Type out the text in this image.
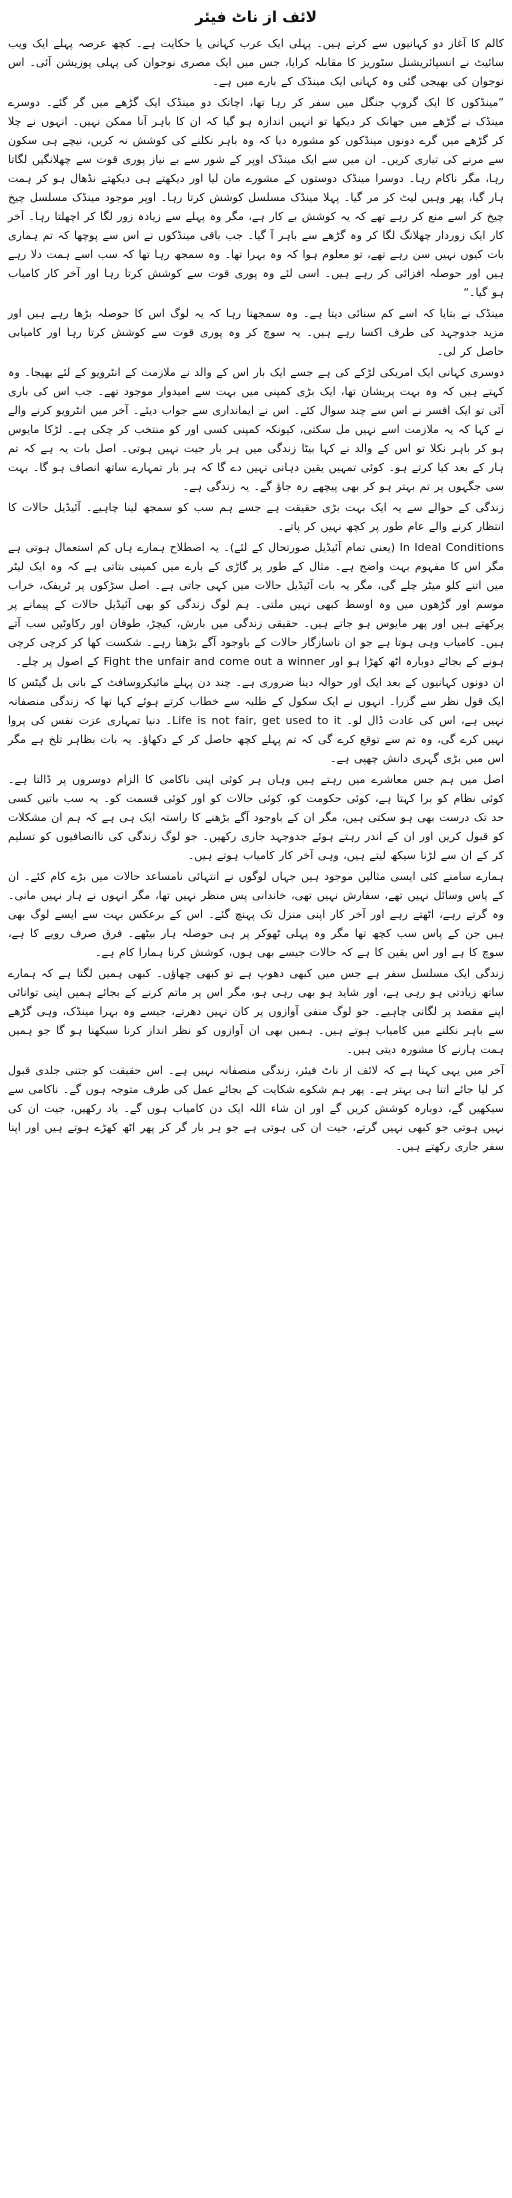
لائف از ناٹ فیئر

کالم کا آغاز دو کہانیوں سے کرتے ہیں۔ پہلی ایک عرب کہانی یا حکایت ہے۔ کچھ عرصہ پہلے ایک ویب سائیٹ نے انسپائریشنل سٹوریز کا مقابلہ کرایا، جس میں ایک مصری نوجوان کی پہلی پوزیشن آئی۔ اس نوجوان کی بھیجی گئی وہ کہانی ایک مینڈک کے بارے میں ہے۔

”مینڈکوں کا ایک گروپ جنگل میں سفر کر رہا تھا، اچانک دو مینڈک ایک گڑھے میں گر گئے۔ دوسرے مینڈک نے گڑھے میں جھانک کر دیکھا تو انہیں اندازہ ہو گیا کہ ان کا باہر آنا ممکن نہیں۔ انہوں نے چلا کر گڑھے میں گرے دونوں مینڈکوں کو مشورہ دیا کہ وہ باہر نکلنے کی کوشش نہ کریں، نیچے ہی سکون سے مرنے کی تیاری کریں۔ ان میں سے ایک مینڈک اوپر کے شور سے بے نیاز پوری قوت سے چھلانگیں لگاتا رہا، مگر ناکام رہا۔ دوسرا مینڈک دوستوں کے مشورے مان لیا اور دیکھتے ہی دیکھتے نڈھال ہو کر ہمت ہار گیا، پھر وہیں لیٹ کر مر گیا۔ پہلا مینڈک مسلسل کوشش کرتا رہا۔ اوپر موجود مینڈک مسلسل چیخ چیخ کر اسے منع کر رہے تھے کہ یہ کوشش بے کار ہے، مگر وہ پہلے سے زیادہ زور لگا کر اچھلتا رہا۔ آخر کار ایک زوردار چھلانگ لگا کر وہ گڑھے سے باہر آ گیا۔ جب باقی مینڈکوں نے اس سے پوچھا کہ تم ہماری بات کیوں نہیں سن رہے تھے، تو معلوم ہوا کہ وہ بہرا تھا۔ وہ سمجھ رہا تھا کہ سب اسے ہمت دلا رہے ہیں اور حوصلہ افزائی کر رہے ہیں۔ اسی لئے وہ پوری قوت سے کوشش کرتا رہا اور آخر کار کامیاب ہو گیا۔“

مینڈک نے بتایا کہ اسے کم سنائی دیتا ہے۔ وہ سمجھتا رہا کہ یہ لوگ اس کا حوصلہ بڑھا رہے ہیں اور مزید جدوجہد کی طرف اکسا رہے ہیں۔ یہ سوچ کر وہ پوری قوت سے کوشش کرتا رہا اور کامیابی حاصل کر لی۔

دوسری کہانی ایک امریکی لڑکے کی ہے جسے ایک بار اس کے والد نے ملازمت کے انٹرویو کے لئے بھیجا۔ وہ کہتے ہیں کہ وہ بہت پریشان تھا، ایک بڑی کمپنی میں بہت سے امیدوار موجود تھے۔ جب اس کی باری آئی تو ایک افسر نے اس سے چند سوال کئے۔ اس نے ایمانداری سے جواب دیئے۔ آخر میں انٹرویو کرنے والے نے کہا کہ یہ ملازمت اسے نہیں مل سکتی، کیونکہ کمپنی کسی اور کو منتخب کر چکی ہے۔ لڑکا مایوس ہو کر باہر نکلا تو اس کے والد نے کہا بیٹا زندگی میں ہر بار جیت نہیں ہوتی۔ اصل بات یہ ہے کہ تم ہار کے بعد کیا کرتے ہو۔ کوئی تمہیں یقین دہانی نہیں دے گا کہ ہر بار تمہارے ساتھ انصاف ہو گا۔ بہت سی جگہوں پر تم بہتر ہو کر بھی پیچھے رہ جاؤ گے۔ یہ زندگی ہے۔

زندگی کے حوالے سے یہ ایک بہت بڑی حقیقت ہے جسے ہم سب کو سمجھ لینا چاہیے۔ آئیڈیل حالات کا انتظار کرنے والے عام طور پر کچھ نہیں کر پاتے۔

In Ideal Conditions (یعنی تمام آئیڈیل صورتحال کے لئے)۔ یہ اصطلاح ہمارے ہاں کم استعمال ہوتی ہے مگر اس کا مفہوم بہت واضح ہے۔ مثال کے طور پر گاڑی کے بارے میں کمپنی بتاتی ہے کہ وہ ایک لیٹر میں اتنے کلو میٹر چلے گی، مگر یہ بات آئیڈیل حالات میں کہی جاتی ہے۔ اصل سڑکوں پر ٹریفک، خراب موسم اور گڑھوں میں وہ اوسط کبھی نہیں ملتی۔ ہم لوگ زندگی کو بھی آئیڈیل حالات کے پیمانے پر پرکھتے ہیں اور پھر مایوس ہو جاتے ہیں۔ حقیقی زندگی میں بارش، کیچڑ، طوفان اور رکاوٹیں سب آتے ہیں۔ کامیاب وہی ہوتا ہے جو ان ناسازگار حالات کے باوجود آگے بڑھتا رہے۔ شکست کھا کر کرچی کرچی ہونے کے بجائے دوبارہ اٹھ کھڑا ہو اور Fight the unfair and come out a winner کے اصول پر چلے۔

ان دونوں کہانیوں کے بعد ایک اور حوالہ دینا ضروری ہے۔ چند دن پہلے مائیکروسافٹ کے بانی بل گیٹس کا ایک قول نظر سے گزرا۔ انہوں نے ایک سکول کے طلبہ سے خطاب کرتے ہوئے کہا تھا کہ زندگی منصفانہ نہیں ہے، اس کی عادت ڈال لو۔ Life is not fair, get used to it۔ دنیا تمہاری عزت نفس کی پروا نہیں کرے گی، وہ تم سے توقع کرے گی کہ تم پہلے کچھ حاصل کر کے دکھاؤ۔ یہ بات بظاہر تلخ ہے مگر اس میں بڑی گہری دانش چھپی ہے۔

اصل میں ہم جس معاشرے میں رہتے ہیں وہاں ہر کوئی اپنی ناکامی کا الزام دوسروں پر ڈالتا ہے۔ کوئی نظام کو برا کہتا ہے، کوئی حکومت کو، کوئی حالات کو اور کوئی قسمت کو۔ یہ سب باتیں کسی حد تک درست بھی ہو سکتی ہیں، مگر ان کے باوجود آگے بڑھنے کا راستہ ایک ہی ہے کہ ہم ان مشکلات کو قبول کریں اور ان کے اندر رہتے ہوئے جدوجہد جاری رکھیں۔ جو لوگ زندگی کی ناانصافیوں کو تسلیم کر کے ان سے لڑنا سیکھ لیتے ہیں، وہی آخر کار کامیاب ہوتے ہیں۔

ہمارے سامنے کئی ایسی مثالیں موجود ہیں جہاں لوگوں نے انتہائی نامساعد حالات میں بڑے کام کئے۔ ان کے پاس وسائل نہیں تھے، سفارش نہیں تھی، خاندانی پس منظر نہیں تھا، مگر انہوں نے ہار نہیں مانی۔ وہ گرتے رہے، اٹھتے رہے اور آخر کار اپنی منزل تک پہنچ گئے۔ اس کے برعکس بہت سے ایسے لوگ بھی ہیں جن کے پاس سب کچھ تھا مگر وہ پہلی ٹھوکر پر ہی حوصلہ ہار بیٹھے۔ فرق صرف رویے کا ہے، سوچ کا ہے اور اس یقین کا ہے کہ حالات جیسے بھی ہوں، کوشش کرنا ہمارا کام ہے۔

زندگی ایک مسلسل سفر ہے جس میں کبھی دھوپ ہے تو کبھی چھاؤں۔ کبھی ہمیں لگتا ہے کہ ہمارے ساتھ زیادتی ہو رہی ہے، اور شاید ہو بھی رہی ہو، مگر اس پر ماتم کرنے کے بجائے ہمیں اپنی توانائی اپنے مقصد پر لگانی چاہیے۔ جو لوگ منفی آوازوں پر کان نہیں دھرتے، جیسے وہ بہرا مینڈک، وہی گڑھے سے باہر نکلنے میں کامیاب ہوتے ہیں۔ ہمیں بھی ان آوازوں کو نظر انداز کرنا سیکھنا ہو گا جو ہمیں ہمت ہارنے کا مشورہ دیتی ہیں۔

آخر میں یہی کہنا ہے کہ لائف از ناٹ فیئر، زندگی منصفانہ نہیں ہے۔ اس حقیقت کو جتنی جلدی قبول کر لیا جائے اتنا ہی بہتر ہے۔ پھر ہم شکوے شکایت کے بجائے عمل کی طرف متوجہ ہوں گے۔ ناکامی سے سیکھیں گے، دوبارہ کوشش کریں گے اور ان شاء اللہ ایک دن کامیاب ہوں گے۔ یاد رکھیں، جیت ان کی نہیں ہوتی جو کبھی نہیں گرتے، جیت ان کی ہوتی ہے جو ہر بار گر کر پھر اٹھ کھڑے ہوتے ہیں اور اپنا سفر جاری رکھتے ہیں۔
